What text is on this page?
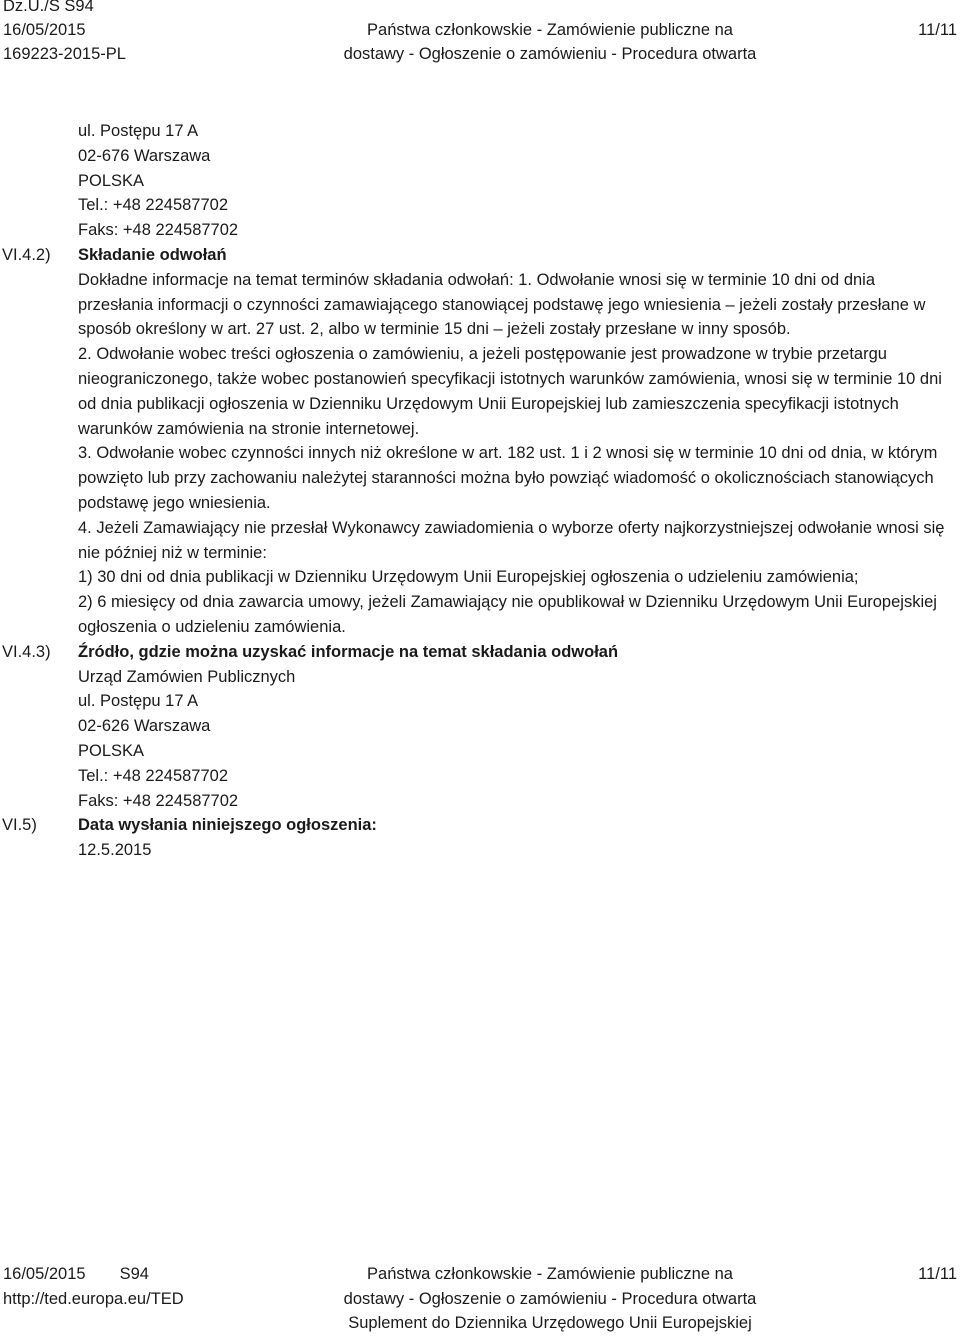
Dz.U./S S94
16/05/2015
169223-2015-PL
Państwa członkowskie - Zamówienie publiczne na
dostawy - Ogłoszenie o zamówieniu - Procedura otwarta
11/11
ul. Postępu 17 A
02-676 Warszawa
POLSKA
Tel.: +48 224587702
Faks: +48 224587702
VI.4.2)	Składanie odwołań
Dokładne informacje na temat terminów składania odwołań: 1. Odwołanie wnosi się w terminie 10 dni od dnia przesłania informacji o czynności zamawiającego stanowiącej podstawę jego wniesienia – jeżeli zostały przesłane w sposób określony w art. 27 ust. 2, albo w terminie 15 dni – jeżeli zostały przesłane w inny sposób.
2. Odwołanie wobec treści ogłoszenia o zamówieniu, a jeżeli postępowanie jest prowadzone w trybie przetargu nieograniczonego, także wobec postanowień specyfikacji istotnych warunków zamówienia, wnosi się w terminie 10 dni od dnia publikacji ogłoszenia w Dzienniku Urzędowym Unii Europejskiej lub zamieszczenia specyfikacji istotnych warunków zamówienia na stronie internetowej.
3. Odwołanie wobec czynności innych niż określone w art. 182 ust. 1 i 2 wnosi się w terminie 10 dni od dnia, w którym powzięto lub przy zachowaniu należytej staranności można było powziąć wiadomość o okolicznościach stanowiących podstawę jego wniesienia.
4. Jeżeli Zamawiający nie przesłał Wykonawcy zawiadomienia o wyborze oferty najkorzystniejszej odwołanie wnosi się nie później niż w terminie:
1) 30 dni od dnia publikacji w Dzienniku Urzędowym Unii Europejskiej ogłoszenia o udzieleniu zamówienia;
2) 6 miesięcy od dnia zawarcia umowy, jeżeli Zamawiający nie opublikował w Dzienniku Urzędowym Unii Europejskiej ogłoszenia o udzieleniu zamówienia.
VI.4.3)	Źródło, gdzie można uzyskać informacje na temat składania odwołań
Urząd Zamówien Publicznych
ul. Postępu 17 A
02-626 Warszawa
POLSKA
Tel.: +48 224587702
Faks: +48 224587702
VI.5)	Data wysłania niniejszego ogłoszenia:
12.5.2015
16/05/2015 S94
http://ted.europa.eu/TED
Państwa członkowskie - Zamówienie publiczne na
dostawy - Ogłoszenie o zamówieniu - Procedura otwarta
Suplement do Dziennika Urzędowego Unii Europejskiej
11/11
